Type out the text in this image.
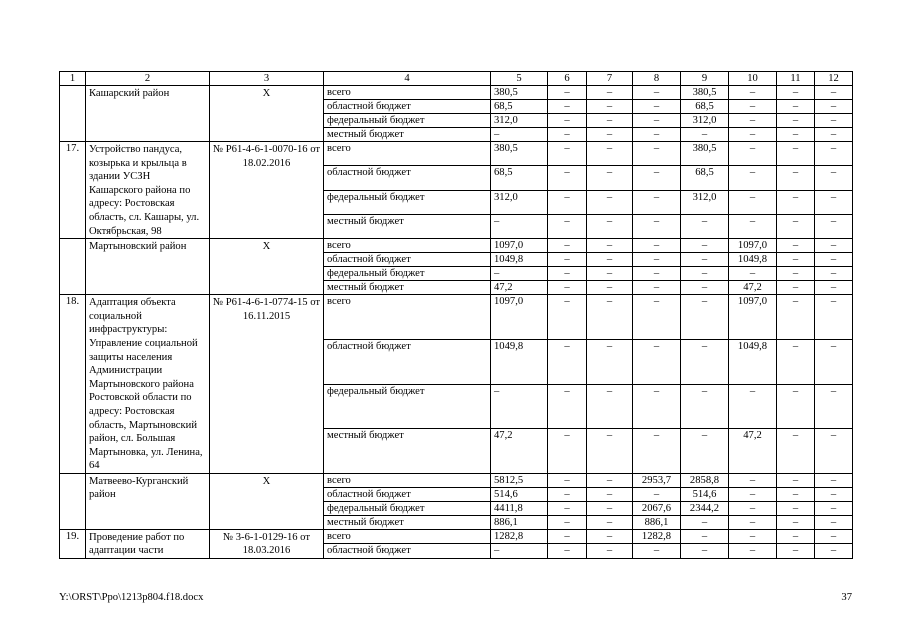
1	2	3	4	5	6	7	8	9	10	11	12
	Кашарский район	Х	всего	380,5	–	–	–	380,5	–	–	–
			областной бюджет	68,5	–	–	–	68,5	–	–	–
			федеральный бюджет	312,0	–	–	–	312,0	–	–	–
			местный бюджет	–	–	–	–	–	–	–	–
17.	Устройство пандуса, козырька и крыльца в здании УСЗН Кашарского района по адресу: Ростовская область, сл. Кашары, ул. Октябрьская, 98	№ Р61-4-6-1-0070-16 от 18.02.2016	всего	380,5	–	–	–	380,5	–	–	–
			областной бюджет	68,5	–	–	–	68,5	–	–	–
			федеральный бюджет	312,0	–	–	–	312,0	–	–	–
			местный бюджет	–	–	–	–	–	–	–	–
	Мартыновский район	Х	всего	1097,0	–	–	–	–	1097,0	–	–
			областной бюджет	1049,8	–	–	–	–	1049,8	–	–
			федеральный бюджет	–	–	–	–	–	–	–	–
			местный бюджет	47,2	–	–	–	–	47,2	–	–
18.	Адаптация объекта социальной инфраструктуры: Управление социальной защиты населения Администрации Мартыновского района Ростовской области по адресу: Ростовская область, Мартыновский район, сл. Большая Мартыновка, ул. Ленина, 64	№ Р61-4-6-1-0774-15 от 16.11.2015	всего	1097,0	–	–	–	–	1097,0	–	–
			областной бюджет	1049,8	–	–	–	–	1049,8	–	–
			федеральный бюджет	–	–	–	–	–	–	–	–
			местный бюджет	47,2	–	–	–	–	47,2	–	–
	Матвеево-Курганский район	Х	всего	5812,5	–	–	2953,7	2858,8	–	–	–
			областной бюджет	514,6	–	–	–	514,6	–	–	–
			федеральный бюджет	4411,8	–	–	2067,6	2344,2	–	–	–
			местный бюджет	886,1	–	–	886,1	–	–	–	–
19.	Проведение работ по адаптации части	№ 3-6-1-0129-16 от 18.03.2016	всего	1282,8	–	–	1282,8	–	–	–	–
			областной бюджет	–	–	–	–	–	–	–	–
Y:\ORST\Ppo\1213p804.f18.docx	37
